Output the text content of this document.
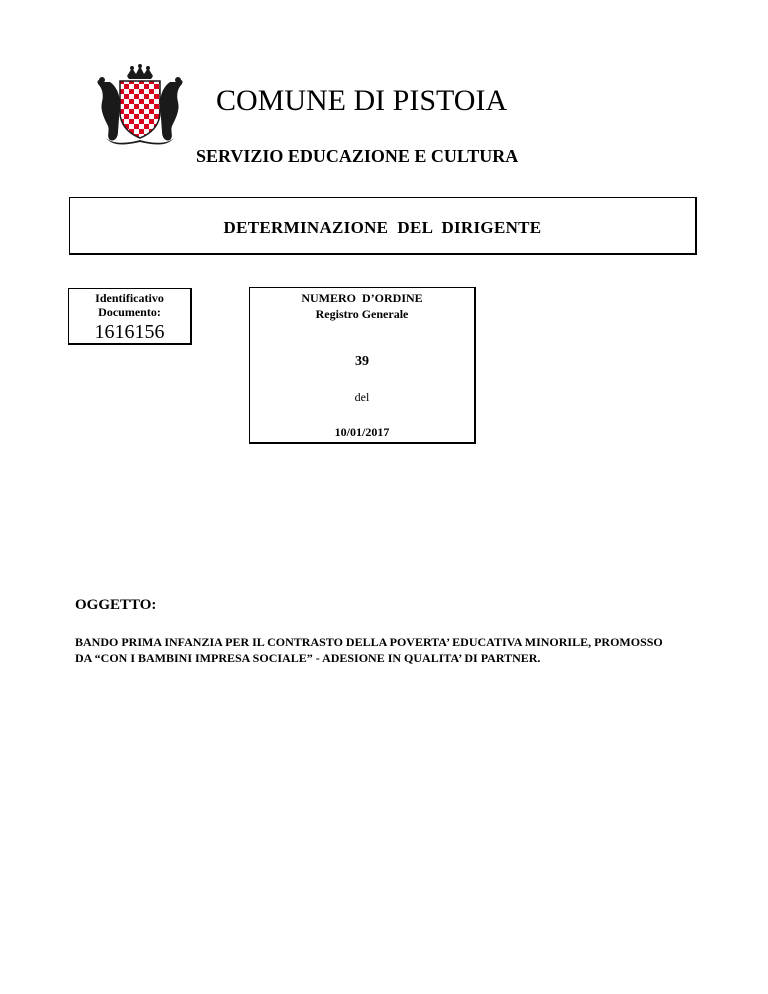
COMUNE DI PISTOIA
SERVIZIO EDUCAZIONE E CULTURA
DETERMINAZIONE  DEL  DIRIGENTE
Identificativo
Documento:
1616156
NUMERO  D’ORDINE
Registro Generale
39
del
10/01/2017
OGGETTO:
BANDO PRIMA INFANZIA PER IL CONTRASTO DELLA POVERTA’ EDUCATIVA MINORILE, PROMOSSO DA “CON I BAMBINI IMPRESA SOCIALE” - ADESIONE IN QUALITA’ DI PARTNER.
